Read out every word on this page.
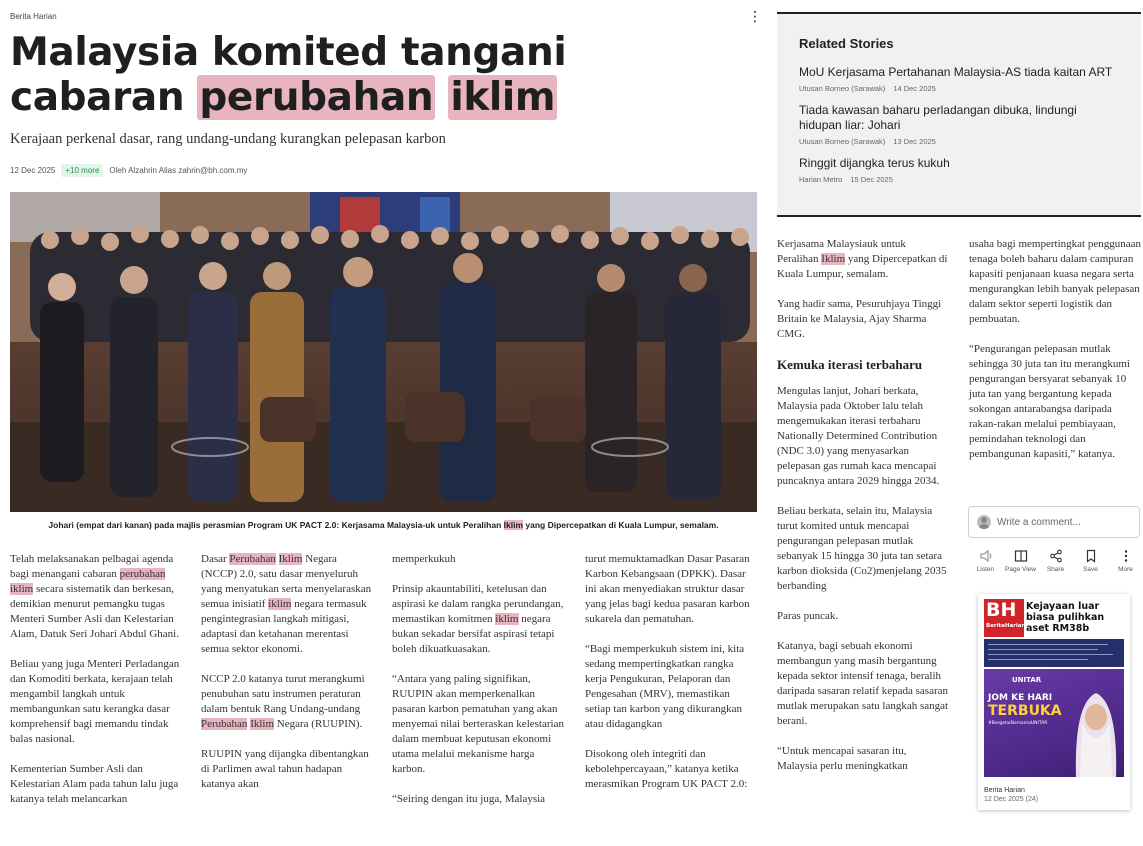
Berita Harian	⋮
Malaysia komited tangani cabaran perubahan iklim
Kerajaan perkenal dasar, rang undang-undang kurangkan pelepasan karbon
12 Dec 2025	+10 more	Oleh Alzahrin Alias zahrin@bh.com.my
Johari (empat dari kanan) pada majlis perasmian Program UK PACT 2.0: Kerjasama Malaysia-uk untuk Peralihan Iklim yang Dipercepatkan di Kuala Lumpur, semalam.

Telah melaksanakan pelbagai agenda bagi menangani cabaran perubahan iklim secara sistematik dan berkesan, demikian menurut pemangku tugas Menteri Sumber Asli dan Kelestarian Alam, Datuk Seri Johari Abdul Ghani.

Beliau yang juga Menteri Perladangan dan Komoditi berkata, kerajaan telah mengambil langkah untuk membangunkan satu kerangka dasar komprehensif bagi memandu tindak balas nasional.

Kementerian Sumber Asli dan Kelestarian Alam pada tahun lalu juga katanya telah melancarkan

Dasar Perubahan Iklim Negara (NCCP) 2.0, satu dasar menyeluruh yang menyatukan serta menyelaraskan semua inisiatif iklim negara termasuk pengintegrasian langkah mitigasi, adaptasi dan ketahanan merentasi semua sektor ekonomi.

NCCP 2.0 katanya turut merangkumi penubuhan satu instrumen peraturan dalam bentuk Rang Undang-undang Perubahan Iklim Negara (RUUPIN).

RUUPIN yang dijangka dibentangkan di Parlimen awal tahun hadapan katanya akan

memperkukuh

Prinsip akauntabiliti, ketelusan dan aspirasi ke dalam rangka perundangan, memastikan komitmen iklim negara bukan sekadar bersifat aspirasi tetapi boleh dikuatkuasakan.

“Antara yang paling signifikan, RUUPIN akan memperkenalkan pasaran karbon pematuhan yang akan menyemai nilai berteraskan kelestarian dalam membuat keputusan ekonomi utama melalui mekanisme harga karbon.

“Seiring dengan itu juga, Malaysia

turut memuktamadkan Dasar Pasaran Karbon Kebangsaan (DPKK). Dasar ini akan menyediakan struktur dasar yang jelas bagi kedua pasaran karbon sukarela dan pematuhan.

“Bagi memperkukuh sistem ini, kita sedang mempertingkatkan rangka kerja Pengukuran, Pelaporan dan Pengesahan (MRV), memastikan setiap tan karbon yang dikurangkan atau didagangkan

Disokong oleh integriti dan kebolehpercayaan,” katanya ketika merasmikan Program UK PACT 2.0:

Kerjasama Malaysiauk untuk Peralihan Iklim yang Dipercepatkan di Kuala Lumpur, semalam.

Yang hadir sama, Pesuruhjaya Tinggi Britain ke Malaysia, Ajay Sharma CMG.

Kemuka iterasi terbaharu

Mengulas lanjut, Johari berkata, Malaysia pada Oktober lalu telah mengemukakan iterasi terbaharu Nationally Determined Contribution (NDC 3.0) yang menyasarkan pelepasan gas rumah kaca mencapai puncaknya antara 2029 hingga 2034.

Beliau berkata, selain itu, Malaysia turut komited untuk mencapai pengurangan pelepasan mutlak sebanyak 15 hingga 30 juta tan setara karbon dioksida (Co2)menjelang 2035 berbanding

Paras puncak.

Katanya, bagi sebuah ekonomi membangun yang masih bergantung kepada sektor intensif tenaga, beralih daripada sasaran relatif kepada sasaran mutlak merupakan satu langkah sangat berani.

“Untuk mencapai sasaran itu, Malaysia perlu meningkatkan

usaha bagi mempertingkat penggunaan tenaga boleh baharu dalam campuran kapasiti penjanaan kuasa negara serta mengurangkan lebih banyak pelepasan dalam sektor seperti logistik dan pembuatan.

“Pengurangan pelepasan mutlak sehingga 30 juta tan itu merangkumi pengurangan bersyarat sebanyak 10 juta tan yang bergantung kepada sokongan antarabangsa daripada rakan-rakan melalui pembiayaan, pemindahan teknologi dan pembangunan kapasiti,” katanya.

Related Stories
MoU Kerjasama Pertahanan Malaysia-AS tiada kaitan ART
Utusan Borneo (Sarawak) 14 Dec 2025
Tiada kawasan baharu perladangan dibuka, lindungi hidupan liar: Johari
Utusan Borneo (Sarawak) 13 Dec 2025
Ringgit dijangka terus kukuh
Harian Metro 15 Dec 2025
Write a comment...
Listen	Page View	Share	Save	More
BH
BeritaHarian
Kejayaan luar biasa pulihkan aset RM38b
UNITAR
JOM KE HARI
TERBUKA
#BergelarBersamaUNITAR
Berita Harian
12 Dec 2025 (24)
